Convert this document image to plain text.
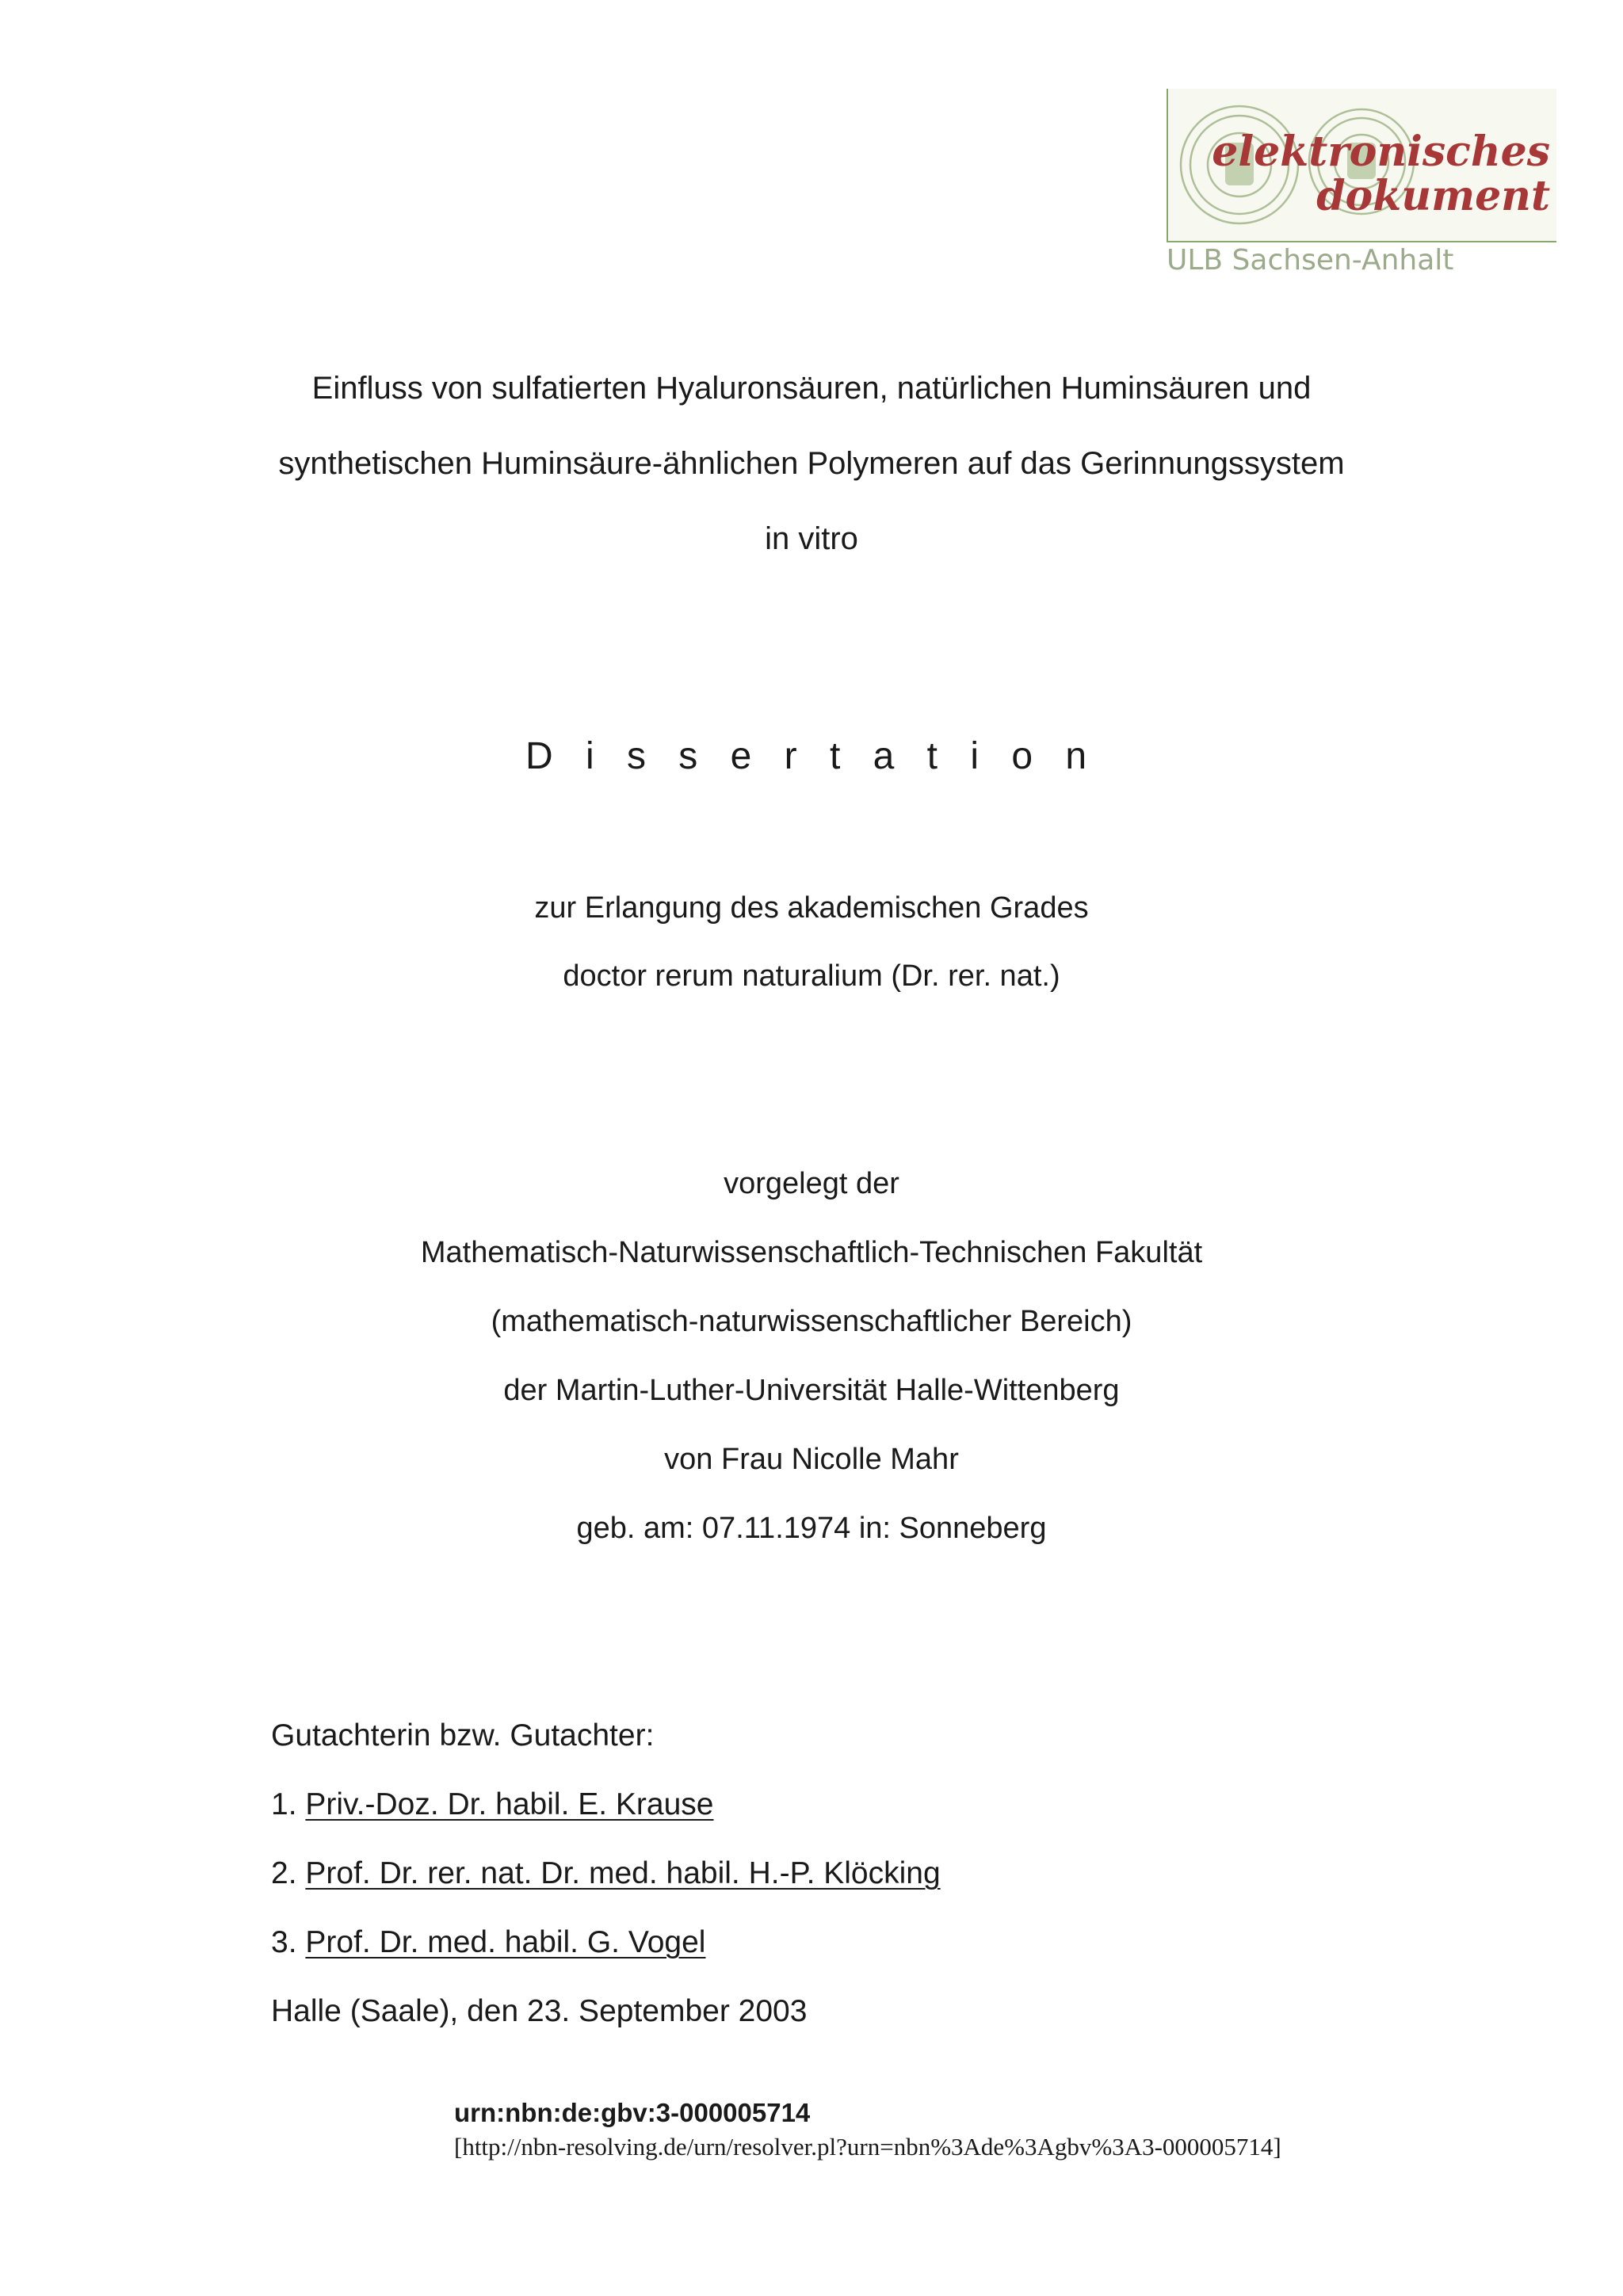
elektronisches
dokument
ULB Sachsen-Anhalt
Einfluss von sulfatierten Hyaluronsäuren, natürlichen Huminsäuren und
synthetischen Huminsäure-ähnlichen Polymeren auf das Gerinnungssystem
in vitro
D i s s e r t a t i o n
zur Erlangung des akademischen Grades
doctor rerum naturalium (Dr. rer. nat.)
vorgelegt der
Mathematisch-Naturwissenschaftlich-Technischen Fakultät
(mathematisch-naturwissenschaftlicher Bereich)
der Martin-Luther-Universität Halle-Wittenberg
von Frau Nicolle Mahr
geb. am: 07.11.1974 in: Sonneberg
Gutachterin bzw. Gutachter:
1. Priv.-Doz. Dr. habil. E. Krause
2. Prof. Dr. rer. nat. Dr. med. habil. H.-P. Klöcking
3. Prof. Dr. med. habil. G. Vogel
Halle (Saale), den 23. September 2003
urn:nbn:de:gbv:3-000005714
[http://nbn-resolving.de/urn/resolver.pl?urn=nbn%3Ade%3Agbv%3A3-000005714]
